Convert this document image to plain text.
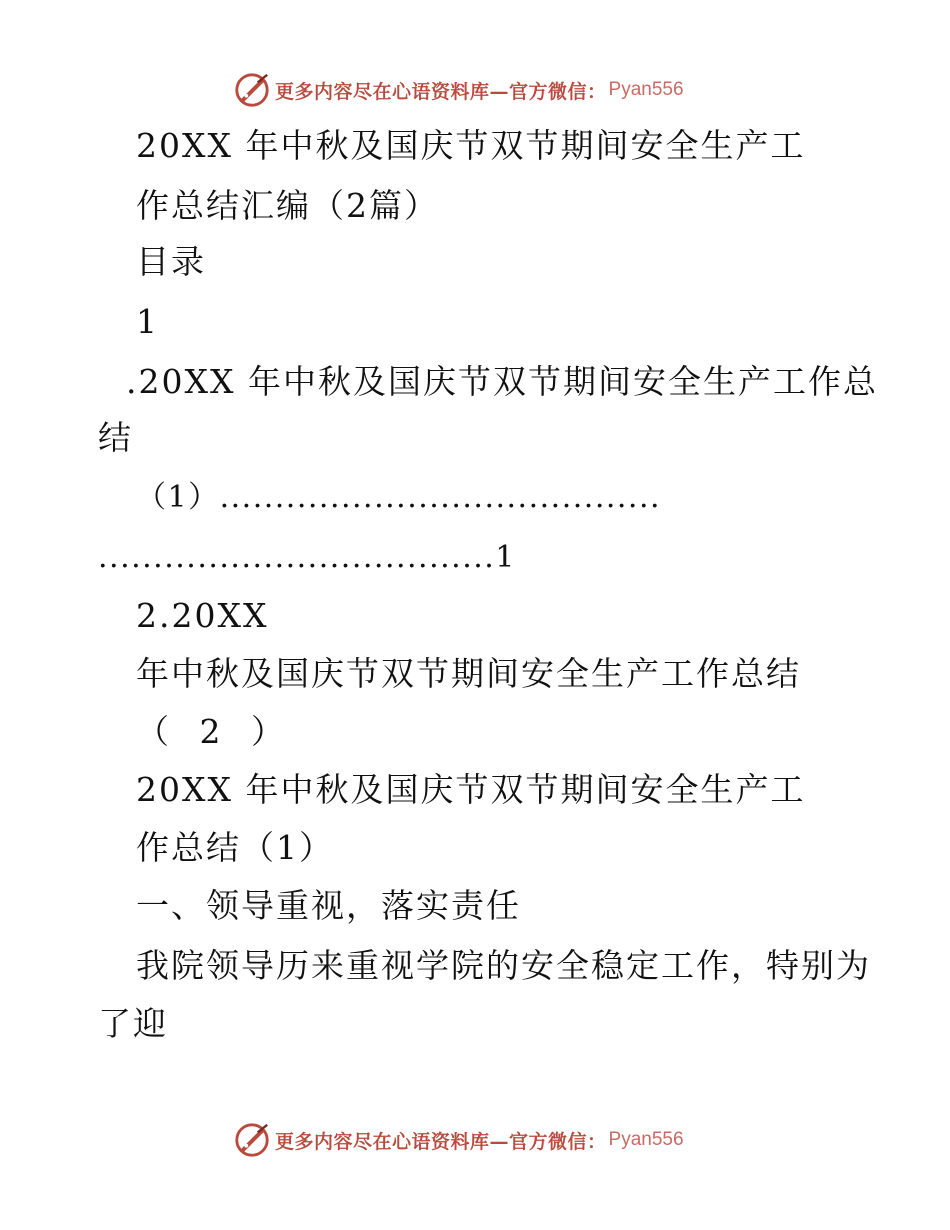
更多内容尽在心语资料库—官方微信： Pyan556
20XX 年中秋及国庆节双节期间安全生产工
作总结汇编（2篇）
目录
1
.20XX 年中秋及国庆节双节期间安全生产工作总
结
（1）........................................
....................................1
2.20XX
年中秋及国庆节双节期间安全生产工作总结
（ 2 ）
20XX 年中秋及国庆节双节期间安全生产工
作总结（1）
一、领导重视，落实责任
我院领导历来重视学院的安全稳定工作，特别为
了迎
更多内容尽在心语资料库—官方微信： Pyan556
